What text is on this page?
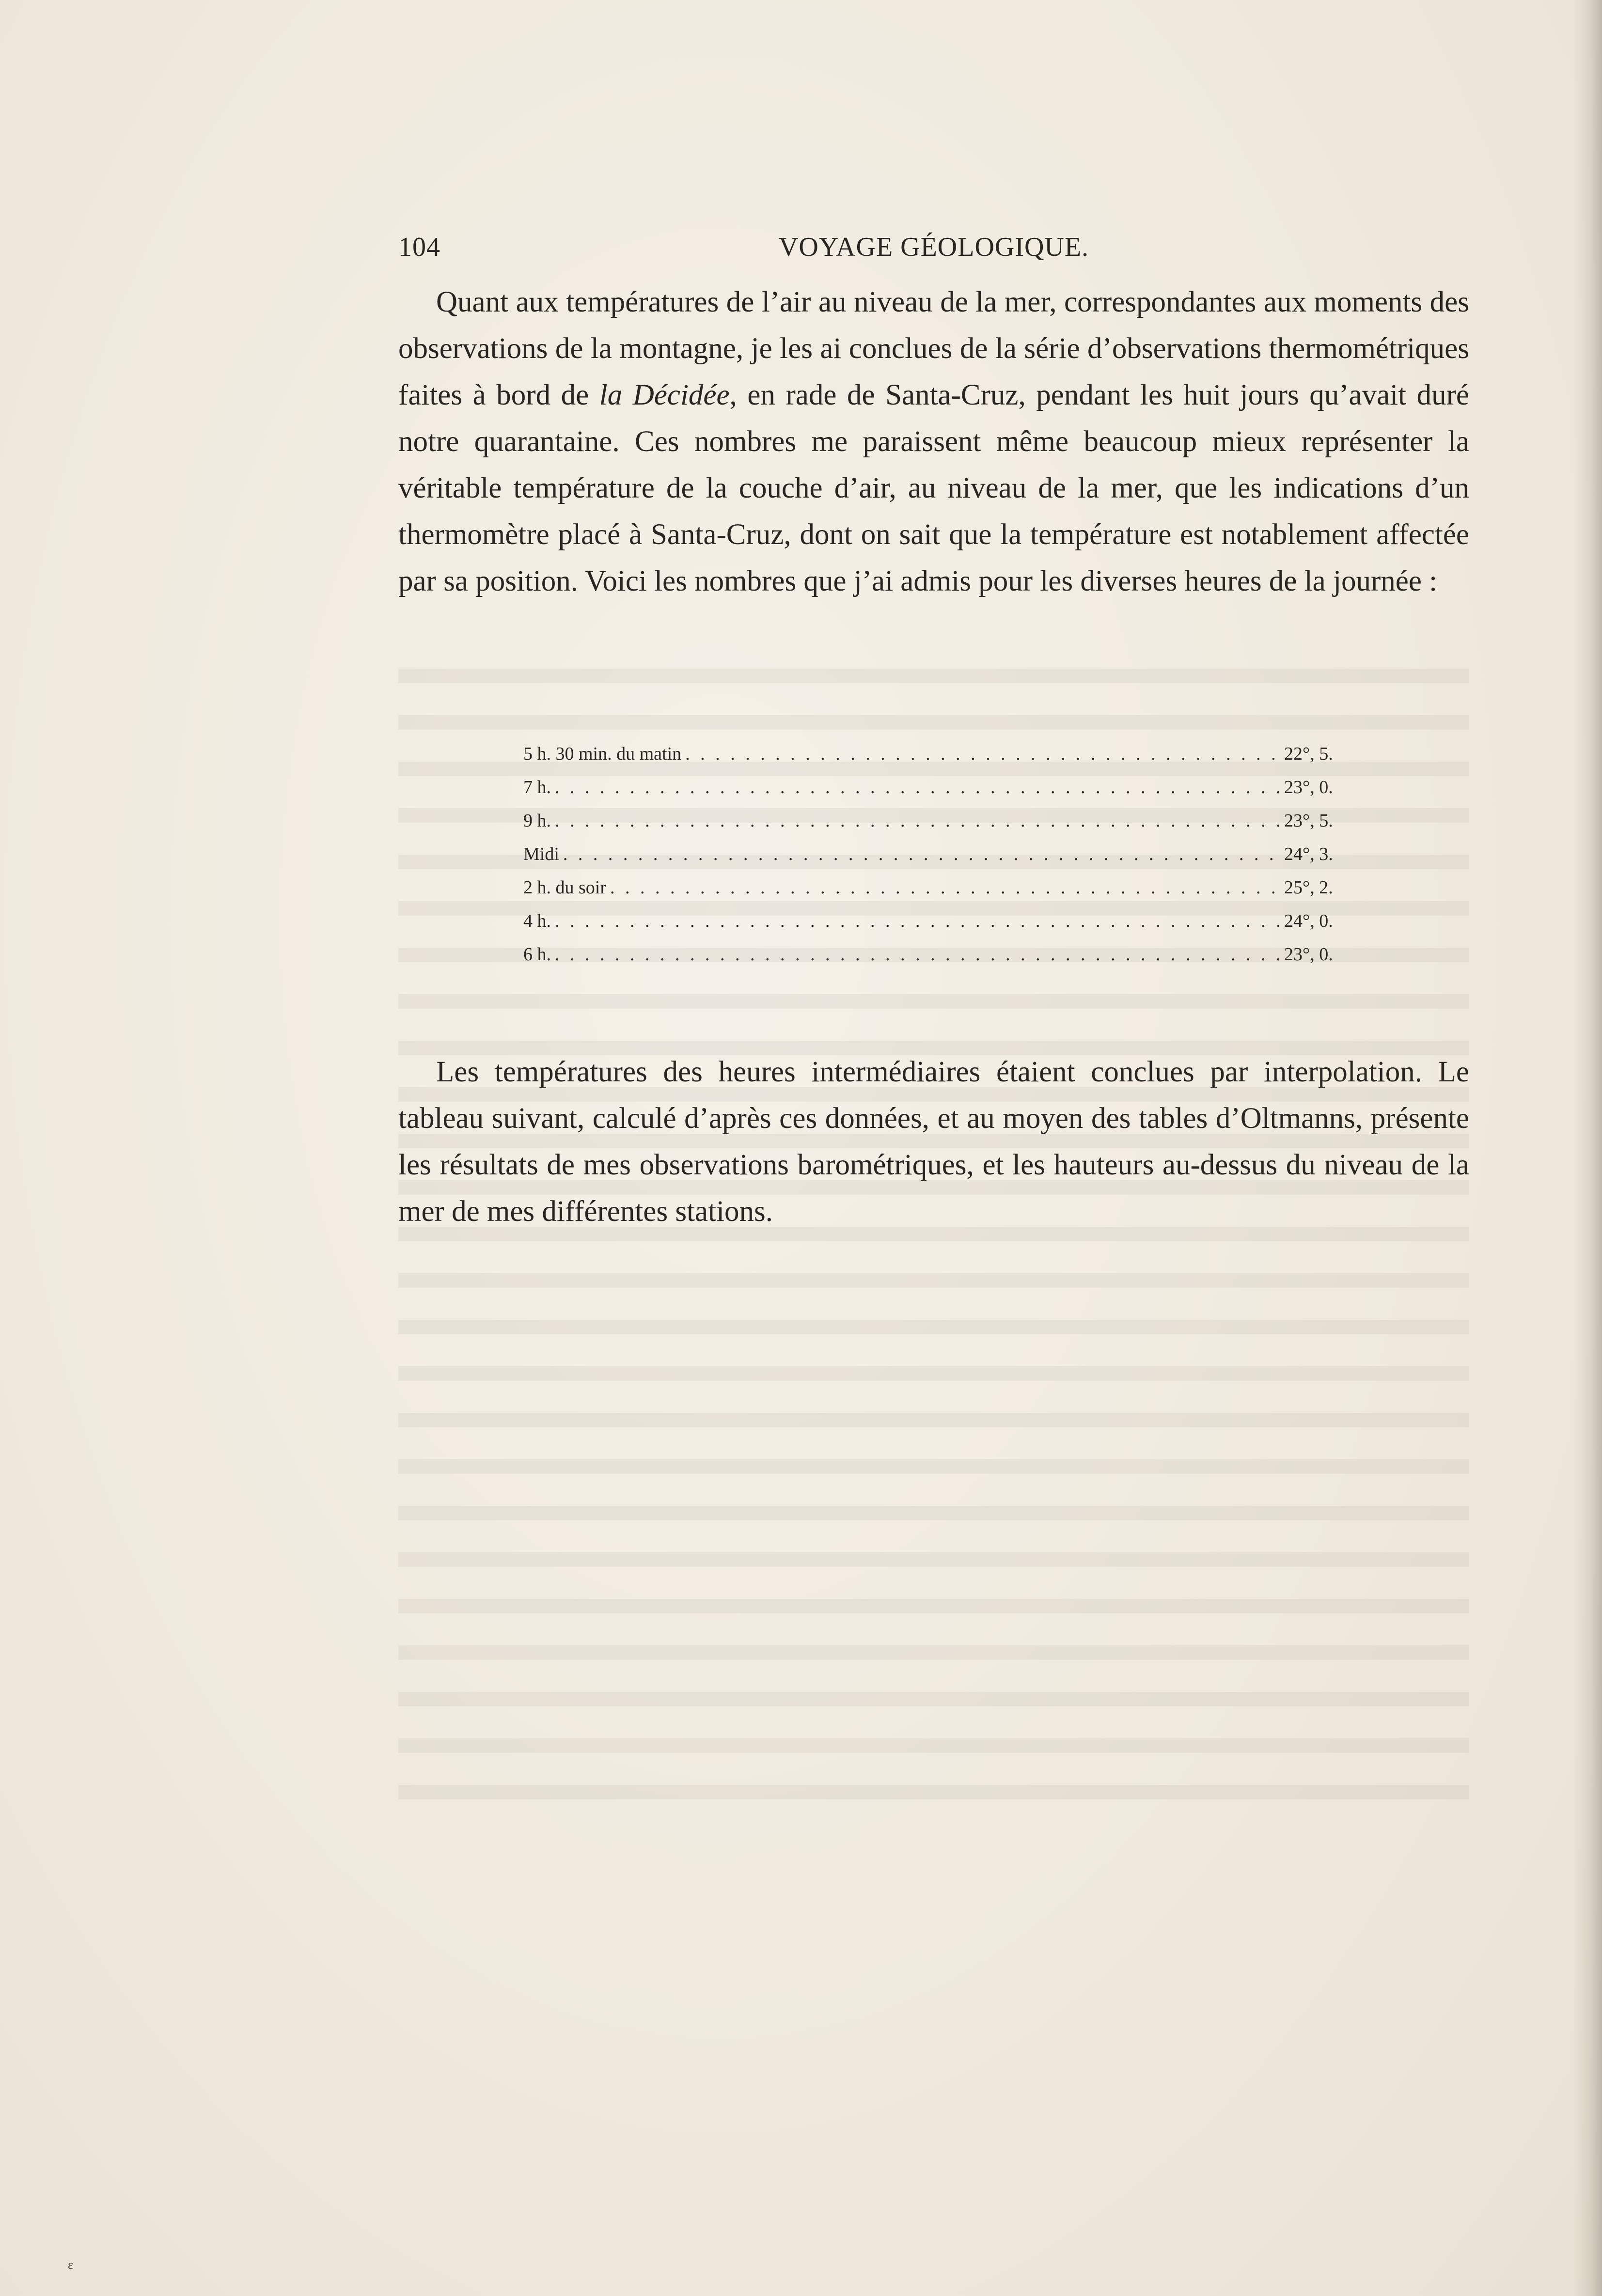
104	VOYAGE GÉOLOGIQUE.

Quant aux températures de l’air au niveau de la mer, correspondantes aux moments des observations de la montagne, je les ai conclues de la série d’observations thermométriques faites à bord de la Décidée, en rade de Santa-Cruz, pendant les huit jours qu’avait duré notre quarantaine. Ces nombres me paraissent même beaucoup mieux représenter la véritable température de la couche d’air, au niveau de la mer, que les indications d’un thermomètre placé à Santa-Cruz, dont on sait que la température est notablement affectée par sa position. Voici les nombres que j’ai admis pour les diverses heures de la journée :

5 h. 30 min. du matin . . .	22°, 5.
7 h. . . .	23°, 0.
9 h. . . .	23°, 5.
Midi . . .	24°, 3.
2 h. du soir . . .	25°, 2.
4 h. . . .	24°, 0.
6 h. . . .	23°, 0.

Les températures des heures intermédiaires étaient conclues par interpolation. Le tableau suivant, calculé d’après ces données, et au moyen des tables d’Oltmanns, présente les résultats de mes observations barométriques, et les hauteurs au-dessus du niveau de la mer de mes différentes stations.

ɛ
